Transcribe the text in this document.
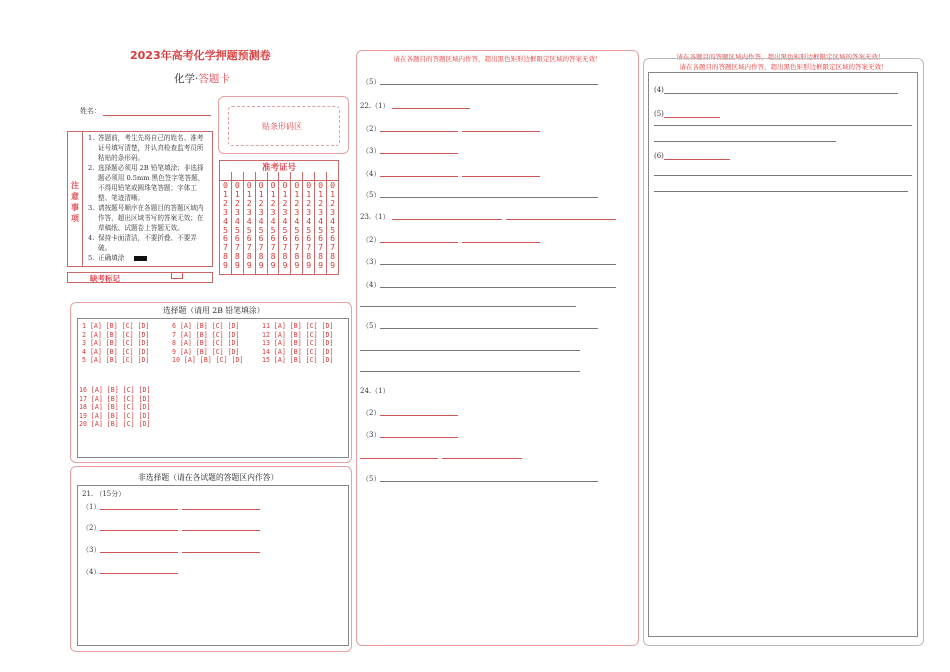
2023年高考化学押题预测卷
化学·答题卡
姓名：
注
意
事
项
1. 答题前，考生先将自己的姓名、准考证号填写清楚，并认真检查监考员所粘贴的条形码。
2. 选择题必须用 2B 铅笔填涂；非选择题必须用 0.5mm 黑色签字笔答题，不得用铅笔或圆珠笔答题；字体工整、笔迹清晰。
3. 请按题号顺序在各题目的答题区域内作答，超出区域书写的答案无效；在草稿纸、试题卷上答题无效。
4. 保持卡面清洁，不要折叠、不要弄破。
5. 正确填涂
缺考标记
贴条形码区
准考证号
0
1
2
3
4
5
6
7
8
9
0
1
2
3
4
5
6
7
8
9
0
1
2
3
4
5
6
7
8
9
0
1
2
3
4
5
6
7
8
9
0
1
2
3
4
5
6
7
8
9
0
1
2
3
4
5
6
7
8
9
0
1
2
3
4
5
6
7
8
9
0
1
2
3
4
5
6
7
8
9
0
1
2
3
4
5
6
7
8
9
0
1
2
3
4
5
6
7
8
9
选择题（请用 2B 铅笔填涂）
1 [A] [B] [C] [D]
2 [A] [B] [C] [D]
3 [A] [B] [C] [D]
4 [A] [B] [C] [D]
5 [A] [B] [C] [D]
6 [A] [B] [C] [D]
7 [A] [B] [C] [D]
8 [A] [B] [C] [D]
9 [A] [B] [C] [D]
10 [A] [B] [C] [D]
11 [A] [B] [C] [D]
12 [A] [B] [C] [D]
13 [A] [B] [C] [D]
14 [A] [B] [C] [D]
15 [A] [B] [C] [D]
16 [A] [B] [C] [D]
17 [A] [B] [C] [D]
18 [A] [B] [C] [D]
19 [A] [B] [C] [D]
20 [A] [B] [C] [D]
非选择题（请在各试题的答题区内作答）
21. （15分）
（1）
（2）
（3）
（4）
请在各题目的答题区域内作答，超出黑色矩形边框限定区域的答案无效！
（5）
22.（1）
（2）
（3）
（4）
（5）
23.（1）
（2）
（3）
（4）
（5）
24.（1）
（2）
（3）
（5）
请在各题目的答题区域内作答，超出黑色矩形边框限定区域的答案无效！
请在各题目的答题区域内作答，超出黑色矩形边框限定区域的答案无效！
(4)
(5)
(6)
